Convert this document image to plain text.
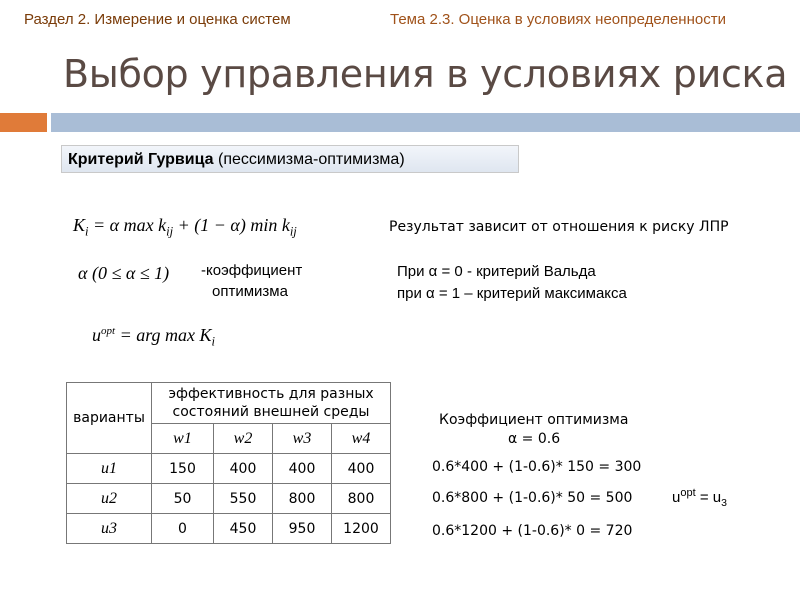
Раздел 2. Измерение и оценка систем	Тема 2.3. Оценка в условиях неопределенности
Выбор управления в условиях риска
Критерий Гурвица (пессимизма-оптимизма)
$K_i = \alpha$ $\max k_{ij} + (1 - \alpha)$ $\min k_{ij}$
α (0 ≤ α ≤ 1) -коэффициент
оптимизма
$u^{opt}$ = arg $\max K_i$
Результат зависит от отношения к риску ЛПР
При α = 0 - критерий Вальда
при α = 1 – критерий максимакса
варианты	эффективность для разных
состояний внешней среды			
	w1	w2	w3	w4
u1	150	400	400	400
u2	50	550	800	800
u3	0	450	950	1200
Коэффициент оптимизма
α = 0.6
0.6*400 + (1-0.6)* 150 = 300
0.6*800 + (1-0.6)* 50 = 500
0.6*1200 + (1-0.6)* 0 = 720
$u^{opt} = u_3$
